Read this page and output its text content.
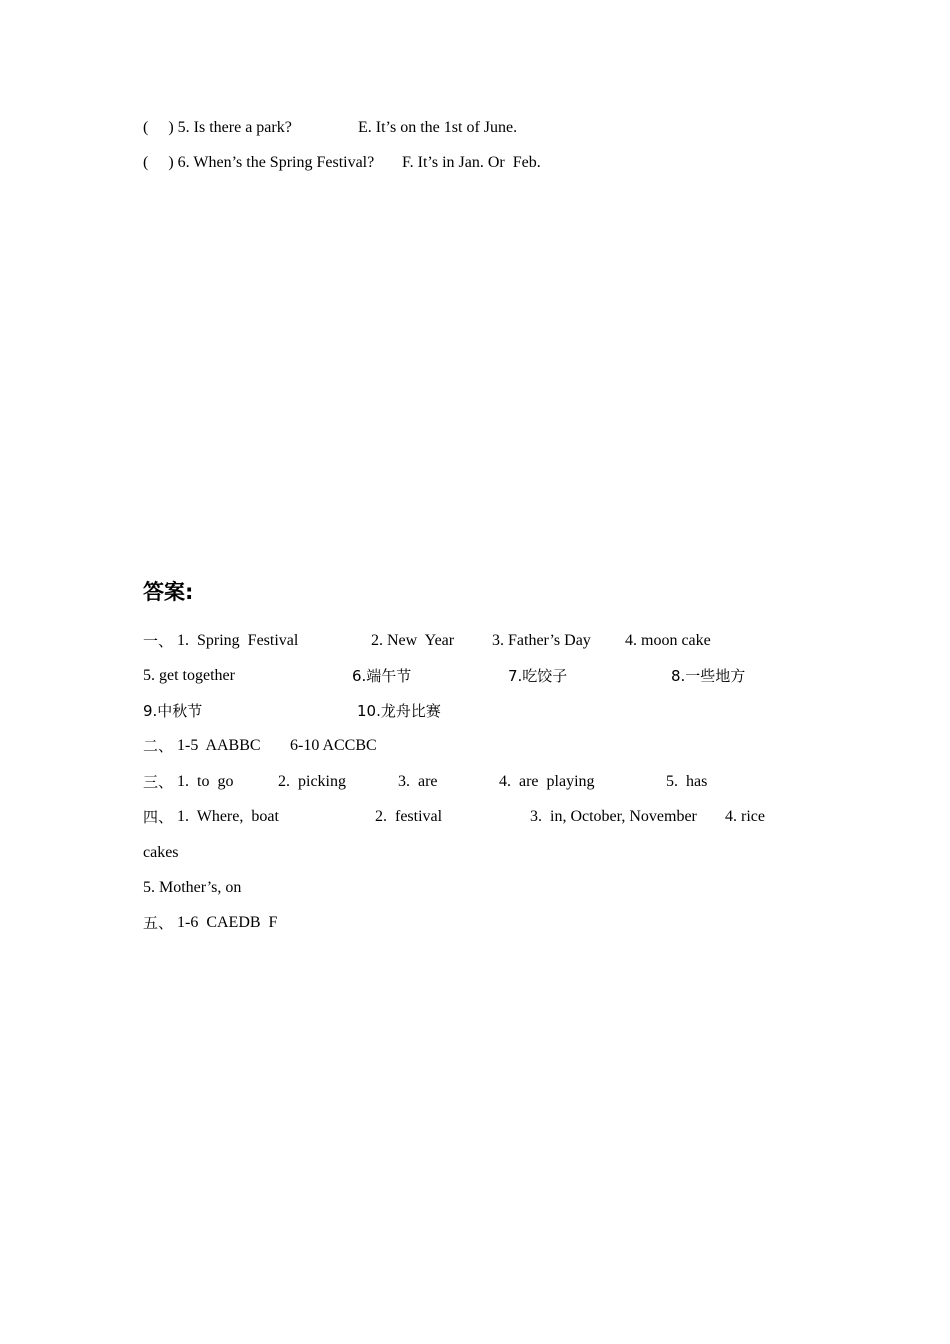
(     ) 5. Is there a park?	E. It’s on the 1st of June.
(     ) 6. When’s the Spring Festival? F. It’s in Jan. Or  Feb.
答案:
一、 1.  Spring  Festival	2. New  Year 3. Father’s Day 4. moon cake
5. get together	6.端午节	7.吃饺子	8.一些地方
9.中秋节	10.龙舟比赛
二、 1-5  AABBC 6-10 ACCBC
三、 1.  to  go	2.  picking	3.  are	4.  are  playing	5.  has
四、 1.  Where,  boat	2.  festival	3.  in, October, November 4. rice
cakes
5. Mother’s, on
五、 1-6  CAEDB  F
